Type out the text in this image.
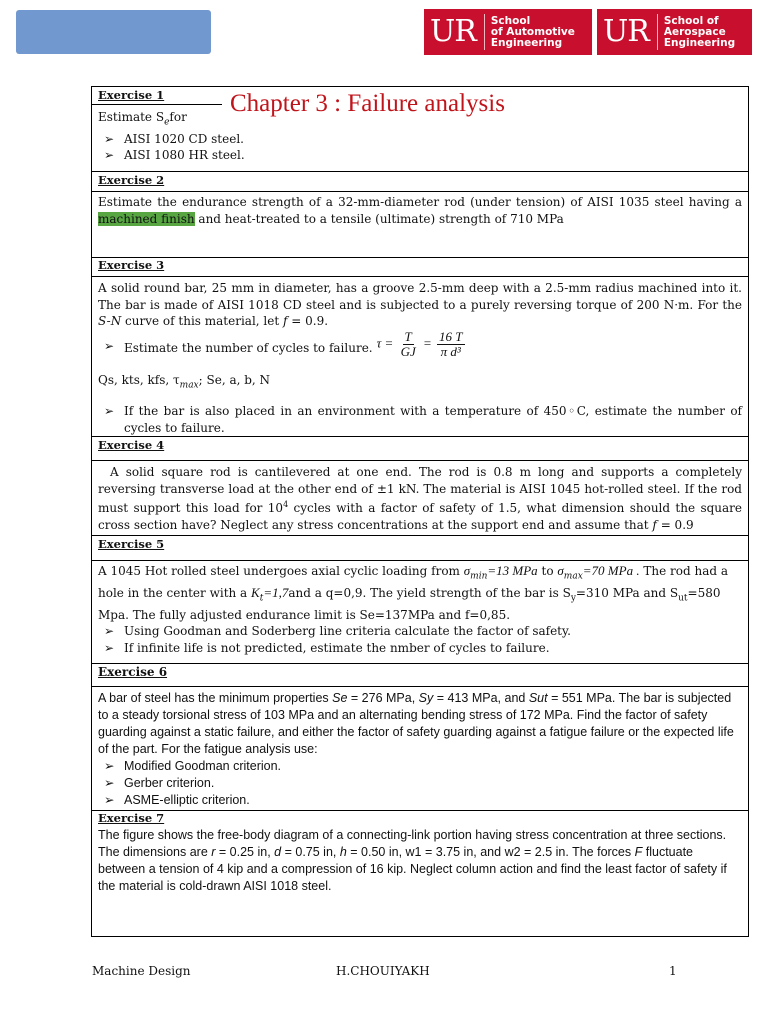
UR	School
of Automotive
Engineering	UR	School of
Aerospace
Engineering
Chapter 3 : Failure analysis
Exercise 1
Estimate $S_efor$
➢ AISI 1020 CD steel.
➢ AISI 1080 HR steel.
Exercise 2
Estimate the endurance strength of a 32-mm-diameter rod (under tension) of AISI 1035 steel having a machined finish and heat-treated to a tensile (ultimate) strength of 710 MPa
Exercise 3
A solid round bar, 25 mm in diameter, has a groove 2.5-mm deep with a 2.5-mm radius machined into it. The bar is made of AISI 1018 CD steel and is subjected to a purely reversing torque of 200 N·m. For the S-N curve of this material, let f = 0.9.
➢ Estimate the number of cycles to failure. $\tau = \frac{T}{GJ} = \frac{16 T}{\text{π d³}}$
Qs, kts, kfs, $\tau_{max}$; Se, a, b, N
➢ If the bar is also placed in an environment with a temperature of 450◦C, estimate the number of cycles to failure.
Exercise 4
A solid square rod is cantilevered at one end. The rod is 0.8 m long and supports a completely reversing transverse load at the other end of ±1 kN. The material is AISI 1045 hot-rolled steel. If the rod must support this load for $10^4$ cycles with a factor of safety of 1.5, what dimension should the square cross section have? Neglect any stress concentrations at the support end and assume that f = 0.9
Exercise 5
A 1045 Hot rolled steel undergoes axial cyclic loading from $\sigma_{min}=13$ MPa to $\sigma_{max}=70$ MPa . The rod had a hole in the center with a $K_t=1,7and$ a q=0,9. The yield strength of the bar is $S_y=310$ MPa and $S_{ut}=580$ Mpa. The fully adjusted endurance limit is Se=137MPa and f=0,85.
➢ Using Goodman and Soderberg line criteria calculate the factor of safety.
➢ If infinite life is not predicted, estimate the nmber of cycles to failure.
Exercise 6
A bar of steel has the minimum properties Se = 276 MPa, Sy = 413 MPa, and Sut = 551 MPa. The bar is subjected to a steady torsional stress of 103 MPa and an alternating bending stress of 172 MPa. Find the factor of safety guarding against a static failure, and either the factor of safety guarding against a fatigue failure or the expected life of the part. For the fatigue analysis use:
➢ Modified Goodman criterion.
➢ Gerber criterion.
➢ ASME-elliptic criterion.
Exercise 7
The figure shows the free-body diagram of a connecting-link portion having stress concentration at three sections. The dimensions are r = 0.25 in, d = 0.75 in, h = 0.50 in, w1 = 3.75 in, and w2 = 2.5 in. The forces F fluctuate between a tension of 4 kip and a compression of 16 kip. Neglect column action and find the least factor of safety if the material is cold-drawn AISI 1018 steel.
Machine Design	H.CHOUIYAKH	1
